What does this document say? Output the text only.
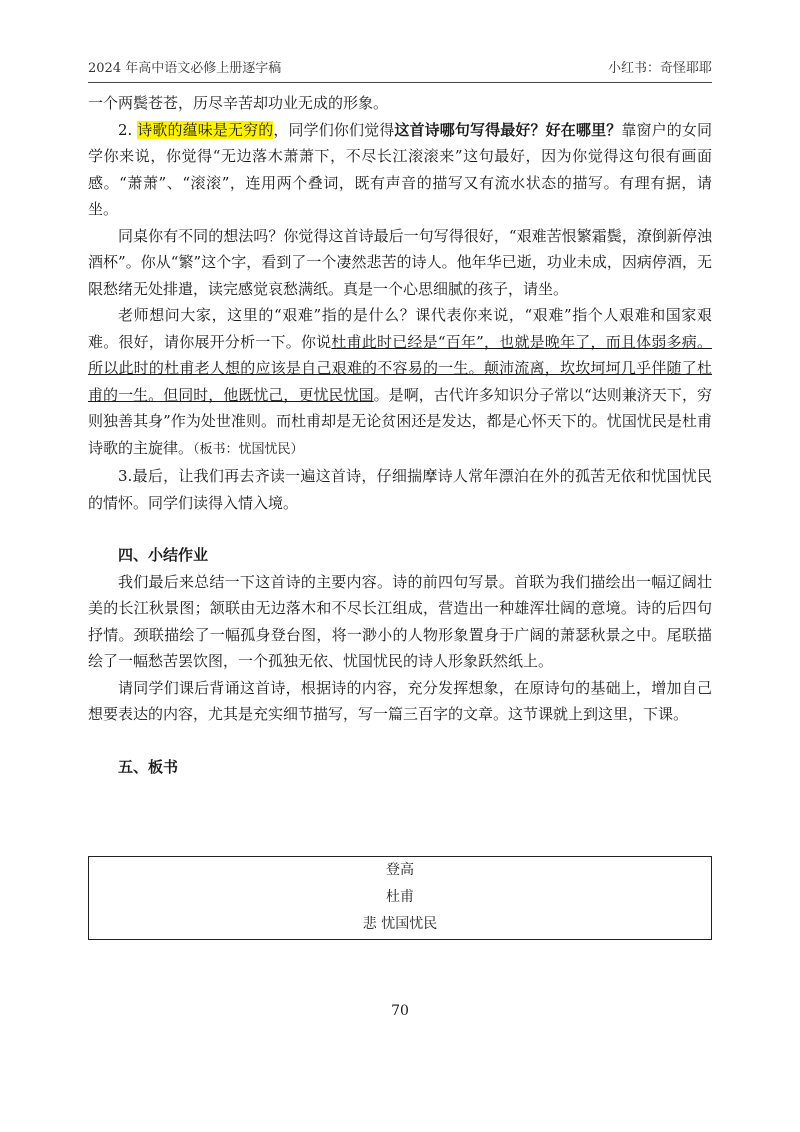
2024 年高中语文必修上册逐字稿	小红书：奇怪耶耶

一个两鬓苍苍，历尽辛苦却功业无成的形象。

2. 诗歌的蕴味是无穷的，同学们你们觉得这首诗哪句写得最好？好在哪里？靠窗户的女同学你来说，你觉得“无边落木萧萧下，不尽长江滚滚来”这句最好，因为你觉得这句很有画面感。“萧萧”、“滚滚”，连用两个叠词，既有声音的描写又有流水状态的描写。有理有据，请坐。

同桌你有不同的想法吗？你觉得这首诗最后一句写得很好，“艰难苦恨繁霜鬓，潦倒新停浊酒杯”。你从“繁”这个字，看到了一个凄然悲苦的诗人。他年华已逝，功业未成，因病停酒，无限愁绪无处排遣，读完感觉哀愁满纸。真是一个心思细腻的孩子，请坐。

老师想问大家，这里的“艰难”指的是什么？课代表你来说，“艰难”指个人艰难和国家艰难。很好，请你展开分析一下。你说杜甫此时已经是“百年”，也就是晚年了，而且体弱多病。所以此时的杜甫老人想的应该是自己艰难的不容易的一生。颠沛流离，坎坎坷坷几乎伴随了杜甫的一生。但同时，他既忧己，更忧民忧国。是啊，古代许多知识分子常以“达则兼济天下，穷则独善其身”作为处世准则。而杜甫却是无论贫困还是发达，都是心怀天下的。忧国忧民是杜甫诗歌的主旋律。（板书：忧国忧民）

3.最后，让我们再去齐读一遍这首诗，仔细揣摩诗人常年漂泊在外的孤苦无依和忧国忧民的情怀。同学们读得入情入境。

四、小结作业

我们最后来总结一下这首诗的主要内容。诗的前四句写景。首联为我们描绘出一幅辽阔壮美的长江秋景图；颔联由无边落木和不尽长江组成，营造出一种雄浑壮阔的意境。诗的后四句抒情。颈联描绘了一幅孤身登台图，将一渺小的人物形象置身于广阔的萧瑟秋景之中。尾联描绘了一幅愁苦罢饮图，一个孤独无依、忧国忧民的诗人形象跃然纸上。

请同学们课后背诵这首诗，根据诗的内容，充分发挥想象，在原诗句的基础上，增加自己想要表达的内容，尤其是充实细节描写，写一篇三百字的文章。这节课就上到这里，下课。

五、板书

登高
杜甫
悲 忧国忧民
70
